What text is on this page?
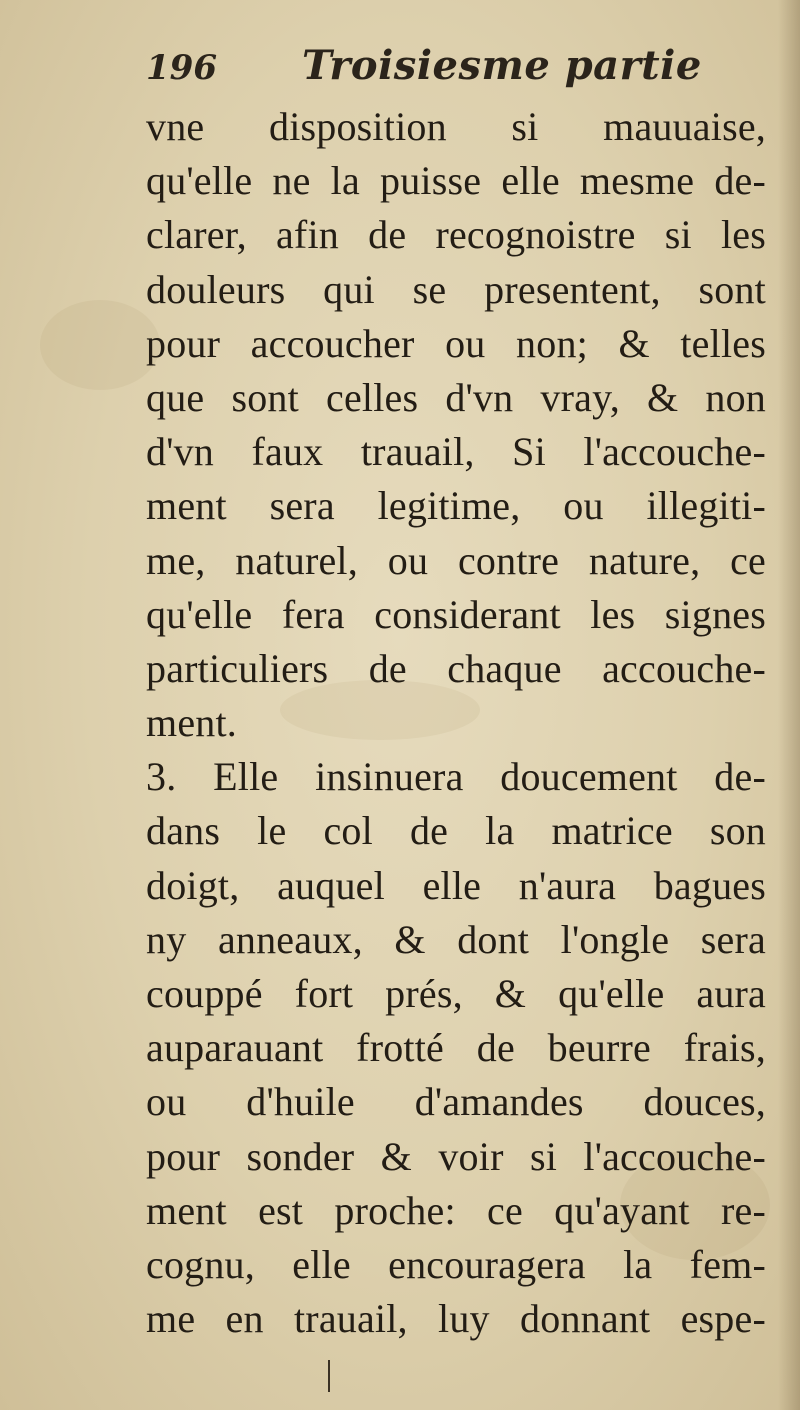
196 Troisiesme partie
vne disposition si mauuaise,
qu'elle ne la puisse elle mesme de-
clarer, afin de recognoistre si les
douleurs qui se presentent, sont
pour accoucher ou non; & telles
que sont celles d'vn vray, & non
d'vn faux trauail, Si l'accouche-
ment sera legitime, ou illegiti-
me, naturel, ou contre nature, ce
qu'elle fera considerant les signes
particuliers de chaque accouche-
ment.
3. Elle insinuera doucement de-
dans le col de la matrice son
doigt, auquel elle n'aura bagues
ny anneaux, & dont l'ongle sera
couppé fort prés, & qu'elle aura
auparauant frotté de beurre frais,
ou d'huile d'amandes douces,
pour sonder & voir si l'accouche-
ment est proche: ce qu'ayant re-
cognu, elle encouragera la fem-
me en trauail, luy donnant espe-
